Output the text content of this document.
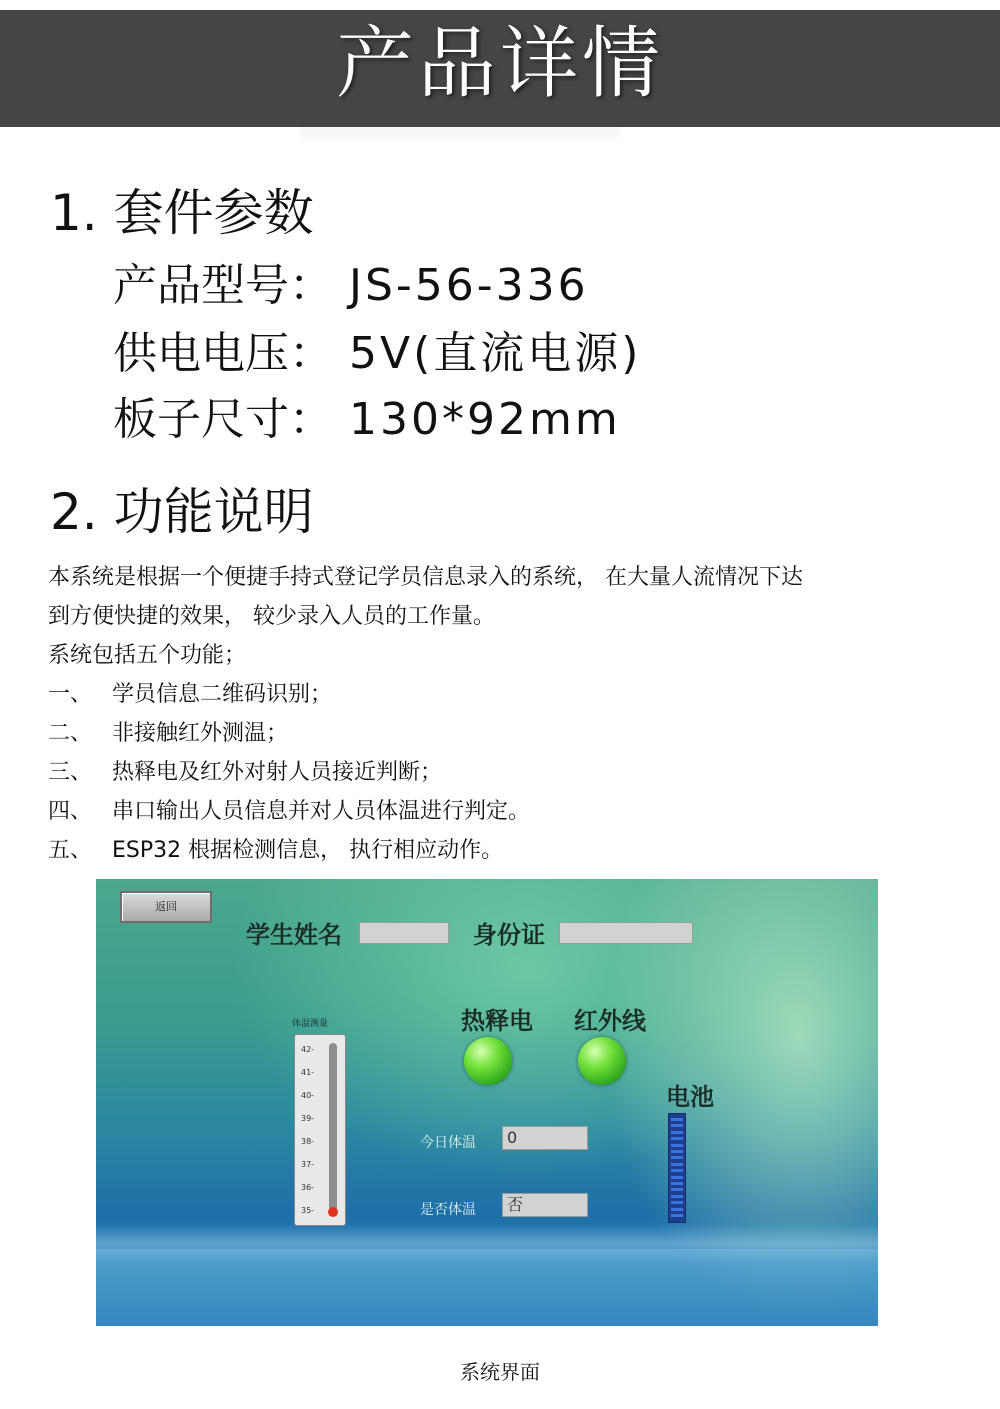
产品详情
1. 套件参数
产品型号： JS-56-336
供电电压： 5V(直流电源)
板子尺寸： 130*92mm
2. 功能说明

本系统是根据一个便捷手持式登记学员信息录入的系统， 在大量人流情况下达

到方便快捷的效果， 较少录入人员的工作量。

系统包括五个功能；

一、 学员信息二维码识别；

二、 非接触红外测温；

三、 热释电及红外对射人员接近判断；

四、 串口输出人员信息并对人员体温进行判定。

五、 ESP32 根据检测信息， 执行相应动作。

返回
学生姓名	身份证
体温测量
42-
41-
40-
39-
38-
37-
36-
35-
热释电 红外线
电池
今日体温	0
是否体温	否
系统界面
